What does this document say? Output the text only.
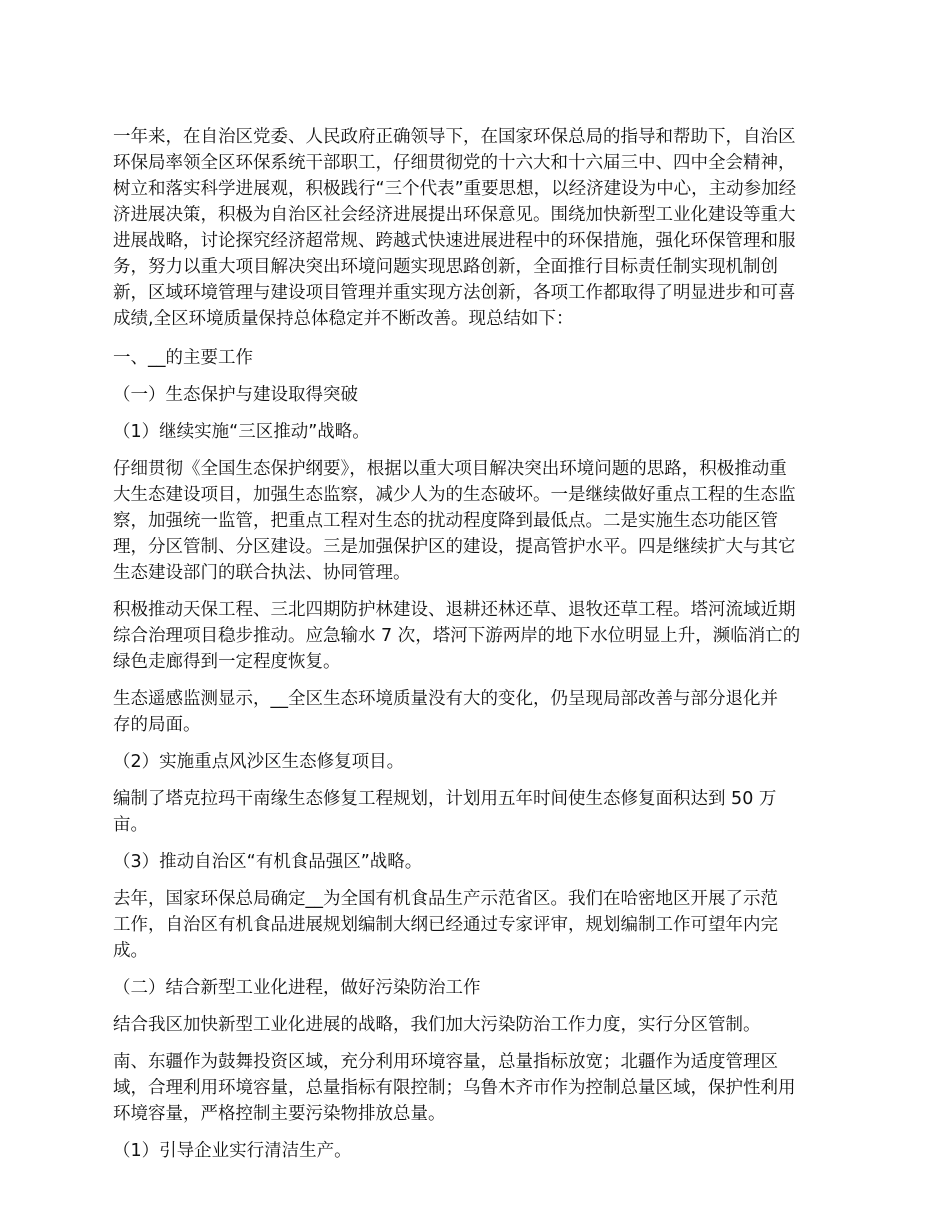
一年来，在自治区党委、人民政府正确领导下，在国家环保总局的指导和帮助下，自治区
环保局率领全区环保系统干部职工，仔细贯彻党的十六大和十六届三中、四中全会精神，
树立和落实科学进展观，积极践行“三个代表”重要思想，以经济建设为中心，主动参加经
济进展决策，积极为自治区社会经济进展提出环保意见。围绕加快新型工业化建设等重大
进展战略，讨论探究经济超常规、跨越式快速进展进程中的环保措施，强化环保管理和服
务，努力以重大项目解决突出环境问题实现思路创新，全面推行目标责任制实现机制创
新，区域环境管理与建设项目管理并重实现方法创新，各项工作都取得了明显进步和可喜
成绩,全区环境质量保持总体稳定并不断改善。现总结如下：

一、__的主要工作

（一）生态保护与建设取得突破

（1）继续实施“三区推动”战略。

仔细贯彻《全国生态保护纲要》，根据以重大项目解决突出环境问题的思路，积极推动重
大生态建设项目，加强生态监察，减少人为的生态破坏。一是继续做好重点工程的生态监
察，加强统一监管，把重点工程对生态的扰动程度降到最低点。二是实施生态功能区管
理，分区管制、分区建设。三是加强保护区的建设，提高管护水平。四是继续扩大与其它
生态建设部门的联合执法、协同管理。

积极推动天保工程、三北四期防护林建设、退耕还林还草、退牧还草工程。塔河流域近期
综合治理项目稳步推动。应急输水 7 次，塔河下游两岸的地下水位明显上升，濒临消亡的
绿色走廊得到一定程度恢复。

生态遥感监测显示，__全区生态环境质量没有大的变化，仍呈现局部改善与部分退化并
存的局面。

（2）实施重点风沙区生态修复项目。

编制了塔克拉玛干南缘生态修复工程规划，计划用五年时间使生态修复面积达到 50 万
亩。

（3）推动自治区“有机食品强区”战略。

去年，国家环保总局确定__为全国有机食品生产示范省区。我们在哈密地区开展了示范
工作，自治区有机食品进展规划编制大纲已经通过专家评审，规划编制工作可望年内完
成。

（二）结合新型工业化进程，做好污染防治工作

结合我区加快新型工业化进展的战略，我们加大污染防治工作力度，实行分区管制。

南、东疆作为鼓舞投资区域，充分利用环境容量，总量指标放宽；北疆作为适度管理区
域，合理利用环境容量，总量指标有限控制；乌鲁木齐市作为控制总量区域，保护性利用
环境容量，严格控制主要污染物排放总量。

（1）引导企业实行清洁生产。
